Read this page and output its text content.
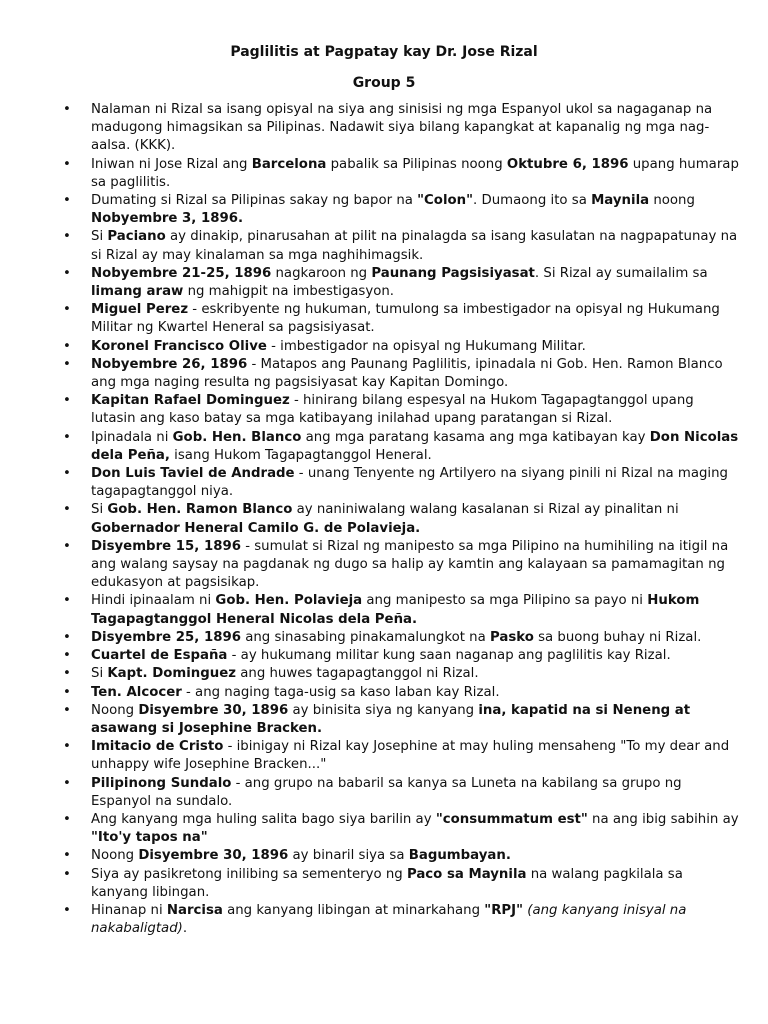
Paglilitis at Pagpatay kay Dr. Jose Rizal
Group 5
• Nalaman ni Rizal sa isang opisyal na siya ang sinisisi ng mga Espanyol ukol sa nagaganap na madugong himagsikan sa Pilipinas. Nadawit siya bilang kapangkat at kapanalig ng mga nag-aalsa. (KKK).
• Iniwan ni Jose Rizal ang Barcelona pabalik sa Pilipinas noong Oktubre 6, 1896 upang humarap sa paglilitis.
• Dumating si Rizal sa Pilipinas sakay ng bapor na "Colon". Dumaong ito sa Maynila noong Nobyembre 3, 1896.
• Si Paciano ay dinakip, pinarusahan at pilit na pinalagda sa isang kasulatan na nagpapatunay na si Rizal ay may kinalaman sa mga naghihimagsik.
• Nobyembre 21-25, 1896 nagkaroon ng Paunang Pagsisiyasat. Si Rizal ay sumailalim sa limang araw ng mahigpit na imbestigasyon.
• Miguel Perez - eskribyente ng hukuman, tumulong sa imbestigador na opisyal ng Hukumang Militar ng Kwartel Heneral sa pagsisiyasat.
• Koronel Francisco Olive - imbestigador na opisyal ng Hukumang Militar.
• Nobyembre 26, 1896 - Matapos ang Paunang Paglilitis, ipinadala ni Gob. Hen. Ramon Blanco ang mga naging resulta ng pagsisiyasat kay Kapitan Domingo.
• Kapitan Rafael Dominguez - hinirang bilang espesyal na Hukom Tagapagtanggol upang lutasin ang kaso batay sa mga katibayang inilahad upang paratangan si Rizal.
• Ipinadala ni Gob. Hen. Blanco ang mga paratang kasama ang mga katibayan kay Don Nicolas dela Peña, isang Hukom Tagapagtanggol Heneral.
• Don Luis Taviel de Andrade - unang Tenyente ng Artilyero na siyang pinili ni Rizal na maging tagapagtanggol niya.
• Si Gob. Hen. Ramon Blanco ay naniniwalang walang kasalanan si Rizal ay pinalitan ni Gobernador Heneral Camilo G. de Polavieja.
• Disyembre 15, 1896 - sumulat si Rizal ng manipesto sa mga Pilipino na humihiling na itigil na ang walang saysay na pagdanak ng dugo sa halip ay kamtin ang kalayaan sa pamamagitan ng edukasyon at pagsisikap.
• Hindi ipinaalam ni Gob. Hen. Polavieja ang manipesto sa mga Pilipino sa payo ni Hukom Tagapagtanggol Heneral Nicolas dela Peña.
• Disyembre 25, 1896 ang sinasabing pinakamalungkot na Pasko sa buong buhay ni Rizal.
• Cuartel de España - ay hukumang militar kung saan naganap ang paglilitis kay Rizal.
• Si Kapt. Dominguez ang huwes tagapagtanggol ni Rizal.
• Ten. Alcocer - ang naging taga-usig sa kaso laban kay Rizal.
• Noong Disyembre 30, 1896 ay binisita siya ng kanyang ina, kapatid na si Neneng at asawang si Josephine Bracken.
• Imitacio de Cristo - ibinigay ni Rizal kay Josephine at may huling mensaheng "To my dear and unhappy wife Josephine Bracken..."
• Pilipinong Sundalo - ang grupo na babaril sa kanya sa Luneta na kabilang sa grupo ng Espanyol na sundalo.
• Ang kanyang mga huling salita bago siya barilin ay "consummatum est" na ang ibig sabihin ay "Ito'y tapos na"
• Noong Disyembre 30, 1896 ay binaril siya sa Bagumbayan.
• Siya ay pasikretong inilibing sa sementeryo ng Paco sa Maynila na walang pagkilala sa kanyang libingan.
• Hinanap ni Narcisa ang kanyang libingan at minarkahang "RPJ" (ang kanyang inisyal na nakabaligtad).
